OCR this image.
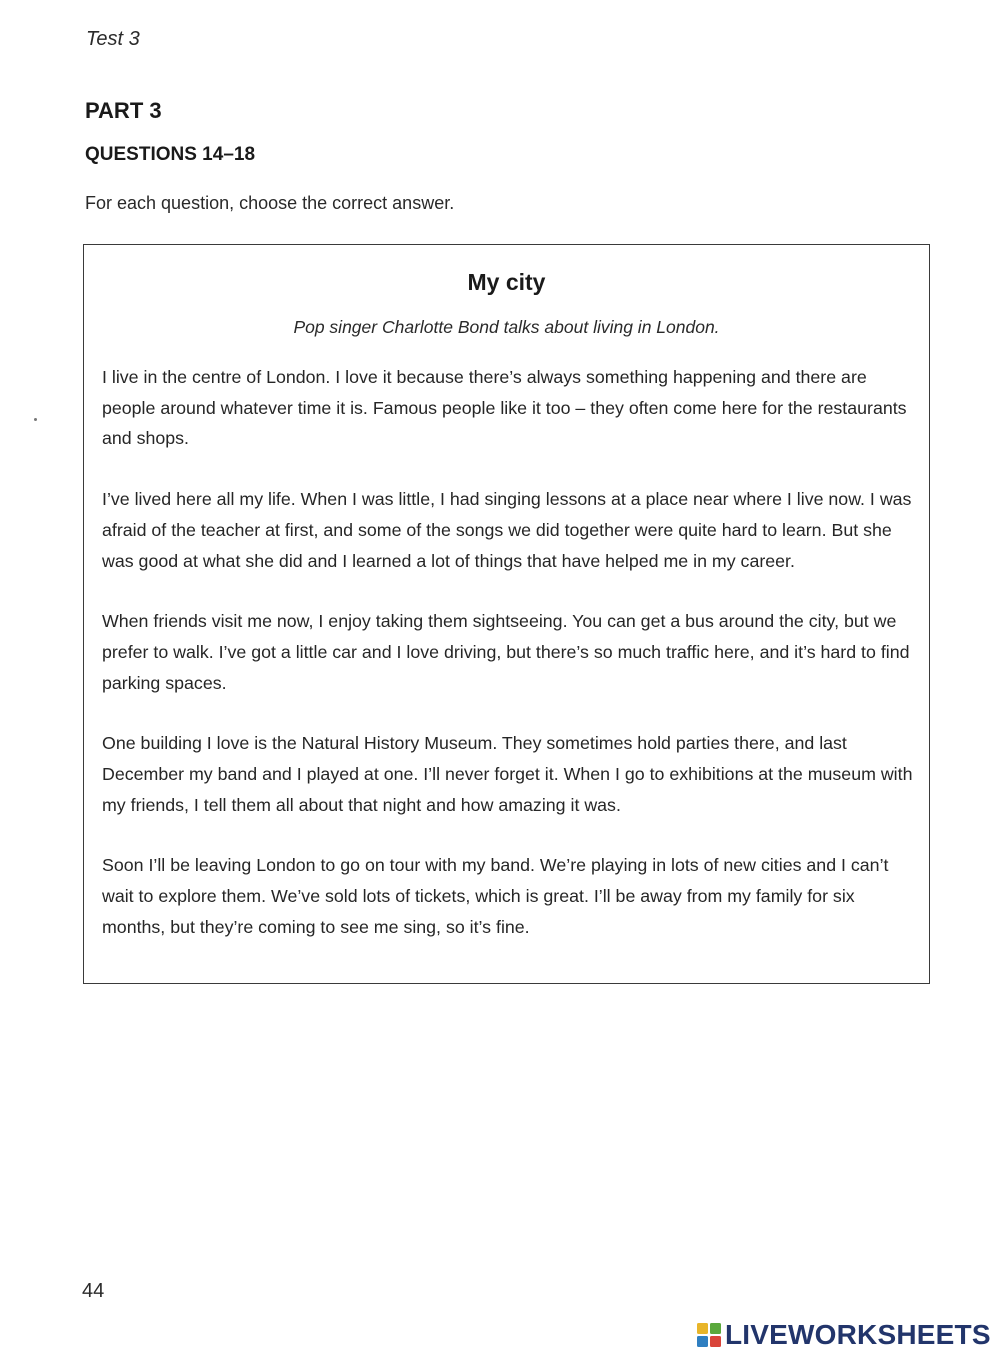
Test 3
PART 3
QUESTIONS 14–18
For each question, choose the correct answer.
My city
Pop singer Charlotte Bond talks about living in London.

I live in the centre of London. I love it because there’s always something happening and there are people around whatever time it is. Famous people like it too – they often come here for the restaurants and shops.

I’ve lived here all my life. When I was little, I had singing lessons at a place near where I live now. I was afraid of the teacher at first, and some of the songs we did together were quite hard to learn. But she was good at what she did and I learned a lot of things that have helped me in my career.

When friends visit me now, I enjoy taking them sightseeing. You can get a bus around the city, but we prefer to walk. I’ve got a little car and I love driving, but there’s so much traffic here, and it’s hard to find parking spaces.

One building I love is the Natural History Museum. They sometimes hold parties there, and last December my band and I played at one. I’ll never forget it. When I go to exhibitions at the museum with my friends, I tell them all about that night and how amazing it was.

Soon I’ll be leaving London to go on tour with my band. We’re playing in lots of new cities and I can’t wait to explore them. We’ve sold lots of tickets, which is great. I’ll be away from my family for six months, but they’re coming to see me sing, so it’s fine.

44
LIVEWORKSHEETS
